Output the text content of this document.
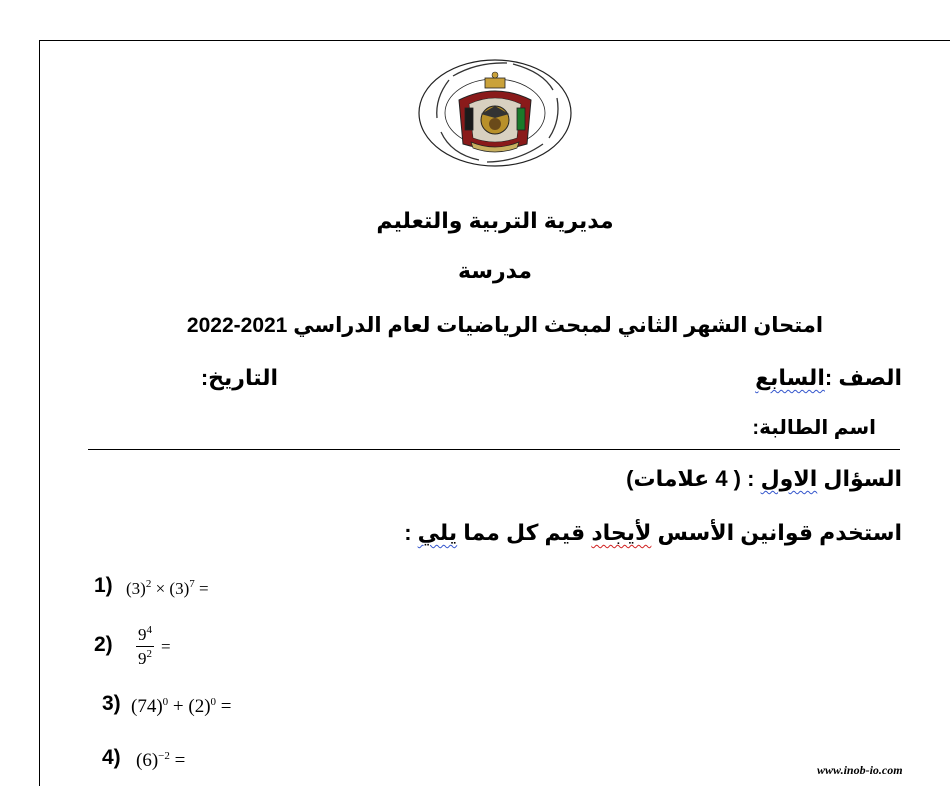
مديرية التربية والتعليم
مدرسة
امتحان الشهر الثاني لمبحث الرياضيات لعام الدراسي 2021-2022
الصف :السابع
التاريخ:
اسم الطالبة:
السؤال الاول : ( 4 علامات)
استخدم قوانين الأسس لأيجاد قيم كل مما يلي :
1) $(3)^2 \times (3)^7$ =
$2) \frac{9^4}{9^2}$ =
3) $(74)^0 + (2)^0$ =
4) $(6)^{-2}$ =	www.inob-io.com
